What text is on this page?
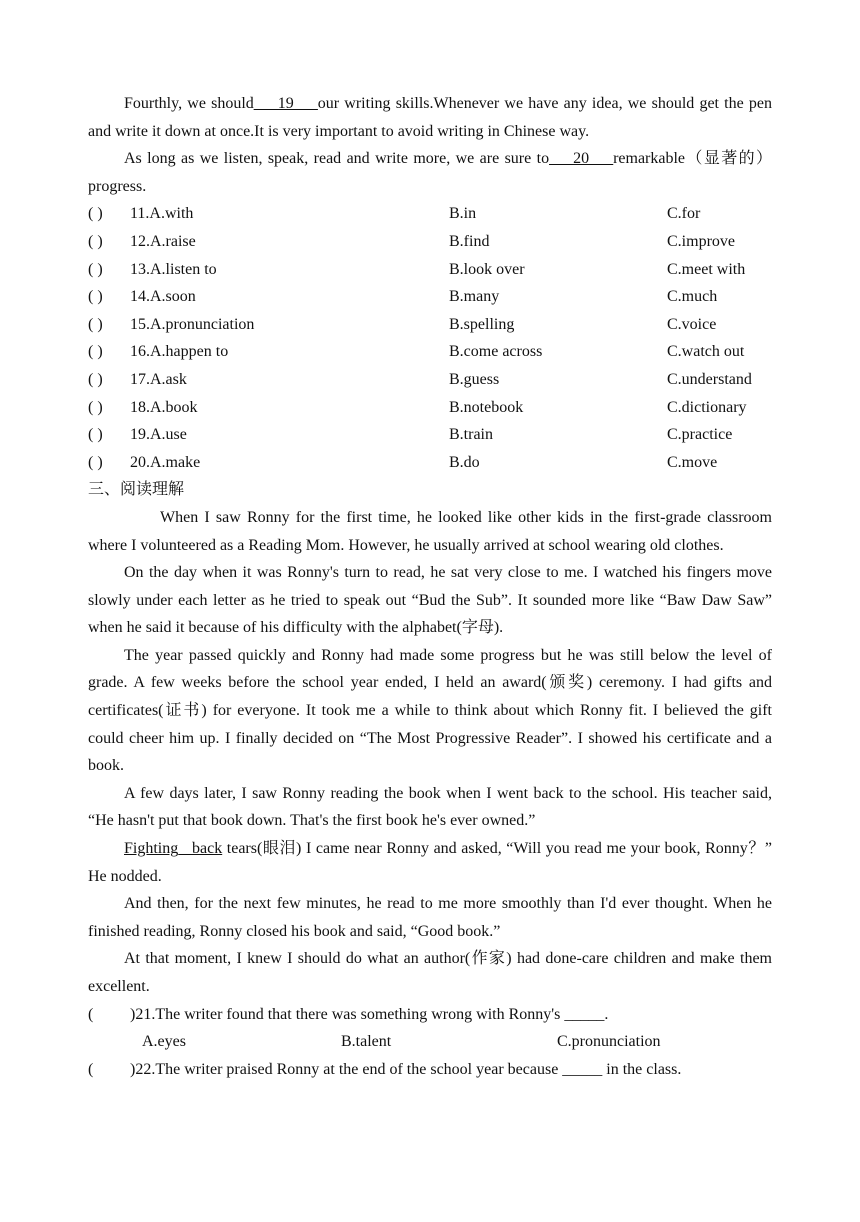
Fourthly, we should___19___our writing skills.Whenever we have any idea, we should get the pen and write it down at once.It is very important to avoid writing in Chinese way.

As long as we listen, speak, read and write more, we are sure to___20___remarkable（显著的）progress.

( )	11.A.with	B.in	C.for
( )	12.A.raise	B.find	C.improve
( )	13.A.listen to	B.look over	C.meet with
( )	14.A.soon	B.many	C.much
( )	15.A.pronunciation	B.spelling	C.voice
( )	16.A.happen to	B.come across	C.watch out
( )	17.A.ask	B.guess	C.understand
( )	18.A.book	B.notebook	C.dictionary
( )	19.A.use	B.train	C.practice
( )	20.A.make	B.do	C.move
三、阅读理解

When I saw Ronny for the first time, he looked like other kids in the first-grade classroom where I volunteered as a Reading Mom. However, he usually arrived at school wearing old clothes.

On the day when it was Ronny's turn to read, he sat very close to me. I watched his fingers move slowly under each letter as he tried to speak out “Bud the Sub”. It sounded more like “Baw Daw Saw” when he said it because of his difficulty with the alphabet(字母).

The year passed quickly and Ronny had made some progress but he was still below the level of grade. A few weeks before the school year ended, I held an award(颁奖) ceremony. I had gifts and certificates(证书) for everyone. It took me a while to think about which Ronny fit. I believed the gift could cheer him up. I finally decided on “The Most Progressive Reader”. I showed his certificate and a book.

A few days later, I saw Ronny reading the book when I went back to the school. His teacher said, “He hasn't put that book down. That's the first book he's ever owned.”

Fighting back tears(眼泪) I came near Ronny and asked, “Will you read me your book, Ronny？” He nodded.

And then, for the next few minutes, he read to me more smoothly than I'd ever thought. When he finished reading, Ronny closed his book and said, “Good book.”

At that moment, I knew I should do what an author(作家) had done-care children and make them excellent.

(	)21.The writer found that there was something wrong with Ronny's _____.
A.eyes	B.talent	C.pronunciation
(	)22.The writer praised Ronny at the end of the school year because _____ in the class.
